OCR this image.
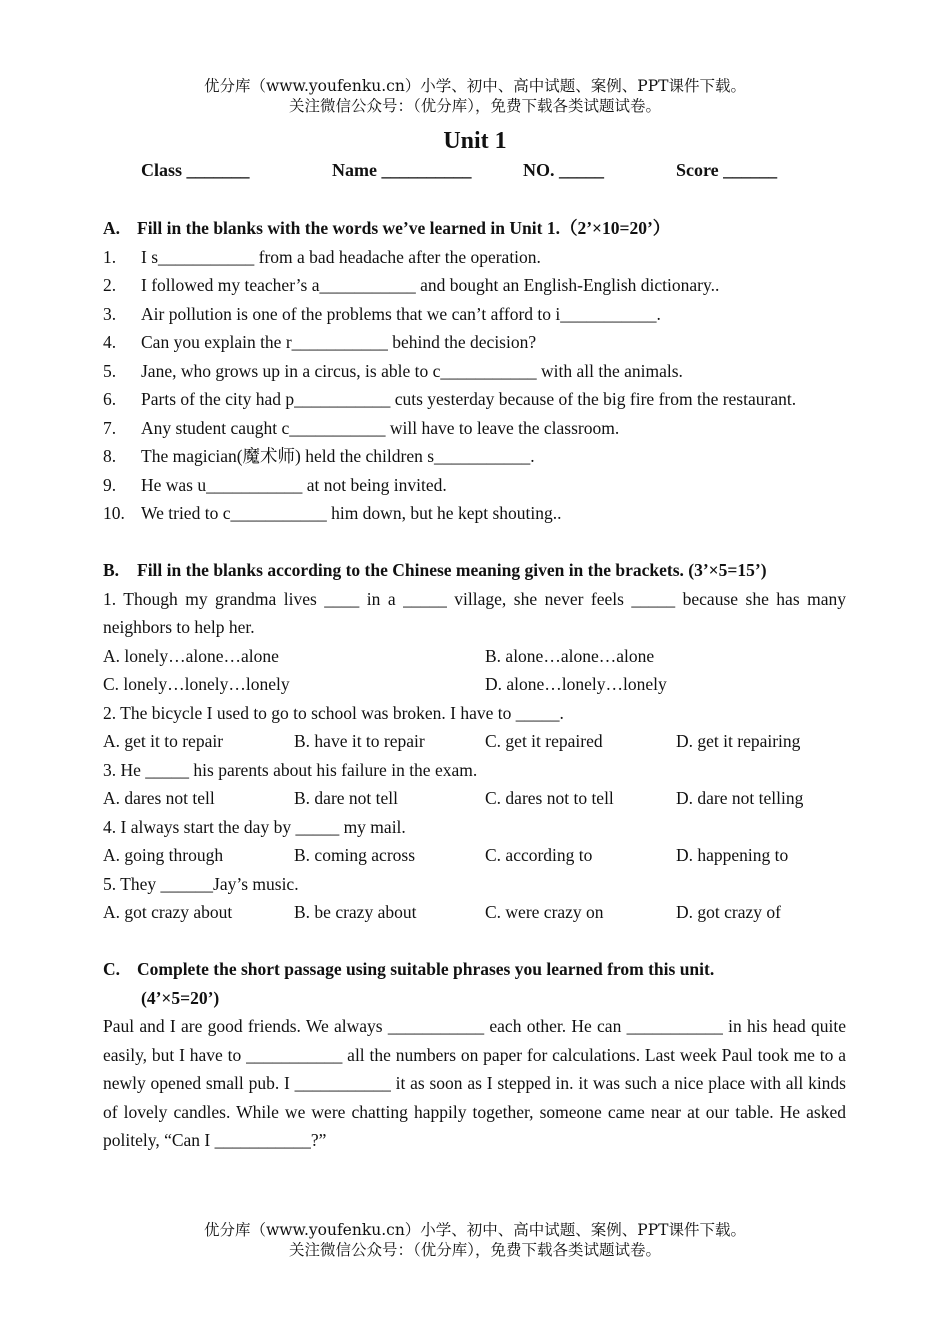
优分库（www.youfenku.cn）小学、初中、高中试题、案例、PPT课件下载。
关注微信公众号：（优分库），免费下载各类试题试卷。
Unit 1
Class _______	Name __________	NO. _____	Score ______
A. Fill in the blanks with the words we’ve learned in Unit 1.（2’×10=20’）
1. I s___________ from a bad headache after the operation.
2. I followed my teacher’s a___________ and bought an English-English dictionary..
3. Air pollution is one of the problems that we can’t afford to i___________.
4. Can you explain the r___________ behind the decision?
5. Jane, who grows up in a circus, is able to c___________ with all the animals.
6. Parts of the city had p___________ cuts yesterday because of the big fire from the restaurant.
7. Any student caught c___________ will have to leave the classroom.
8. The magician(魔术师) held the children s___________.
9. He was u___________ at not being invited.
10. We tried to c___________ him down, but he kept shouting..
B. Fill in the blanks according to the Chinese meaning given in the brackets. (3’×5=15’)
1. Though my grandma lives ____ in a _____ village, she never feels _____ because she has many neighbors to help her.
A. lonely…alone…alone	B. alone…alone…alone
C. lonely…lonely…lonely	D. alone…lonely…lonely
2. The bicycle I used to go to school was broken. I have to _____.
A. get it to repair	B. have it to repair	C. get it repaired	D. get it repairing
3. He _____ his parents about his failure in the exam.
A. dares not tell	B. dare not tell	C. dares not to tell	D. dare not telling
4. I always start the day by _____ my mail.
A. going through	B. coming across	C. according to	D. happening to
5. They ______Jay’s music.
A. got crazy about	B. be crazy about	C. were crazy on	D. got crazy of
C. Complete the short passage using suitable phrases you learned from this unit.
(4’×5=20’)
Paul and I are good friends. We always ___________ each other. He can ___________ in his head quite easily, but I have to ___________ all the numbers on paper for calculations. Last week Paul took me to a newly opened small pub. I ___________ it as soon as I stepped in. it was such a nice place with all kinds of lovely candles. While we were chatting happily together, someone came near at our table. He asked politely, “Can I ___________?”
优分库（www.youfenku.cn）小学、初中、高中试题、案例、PPT课件下载。
关注微信公众号：（优分库），免费下载各类试题试卷。
